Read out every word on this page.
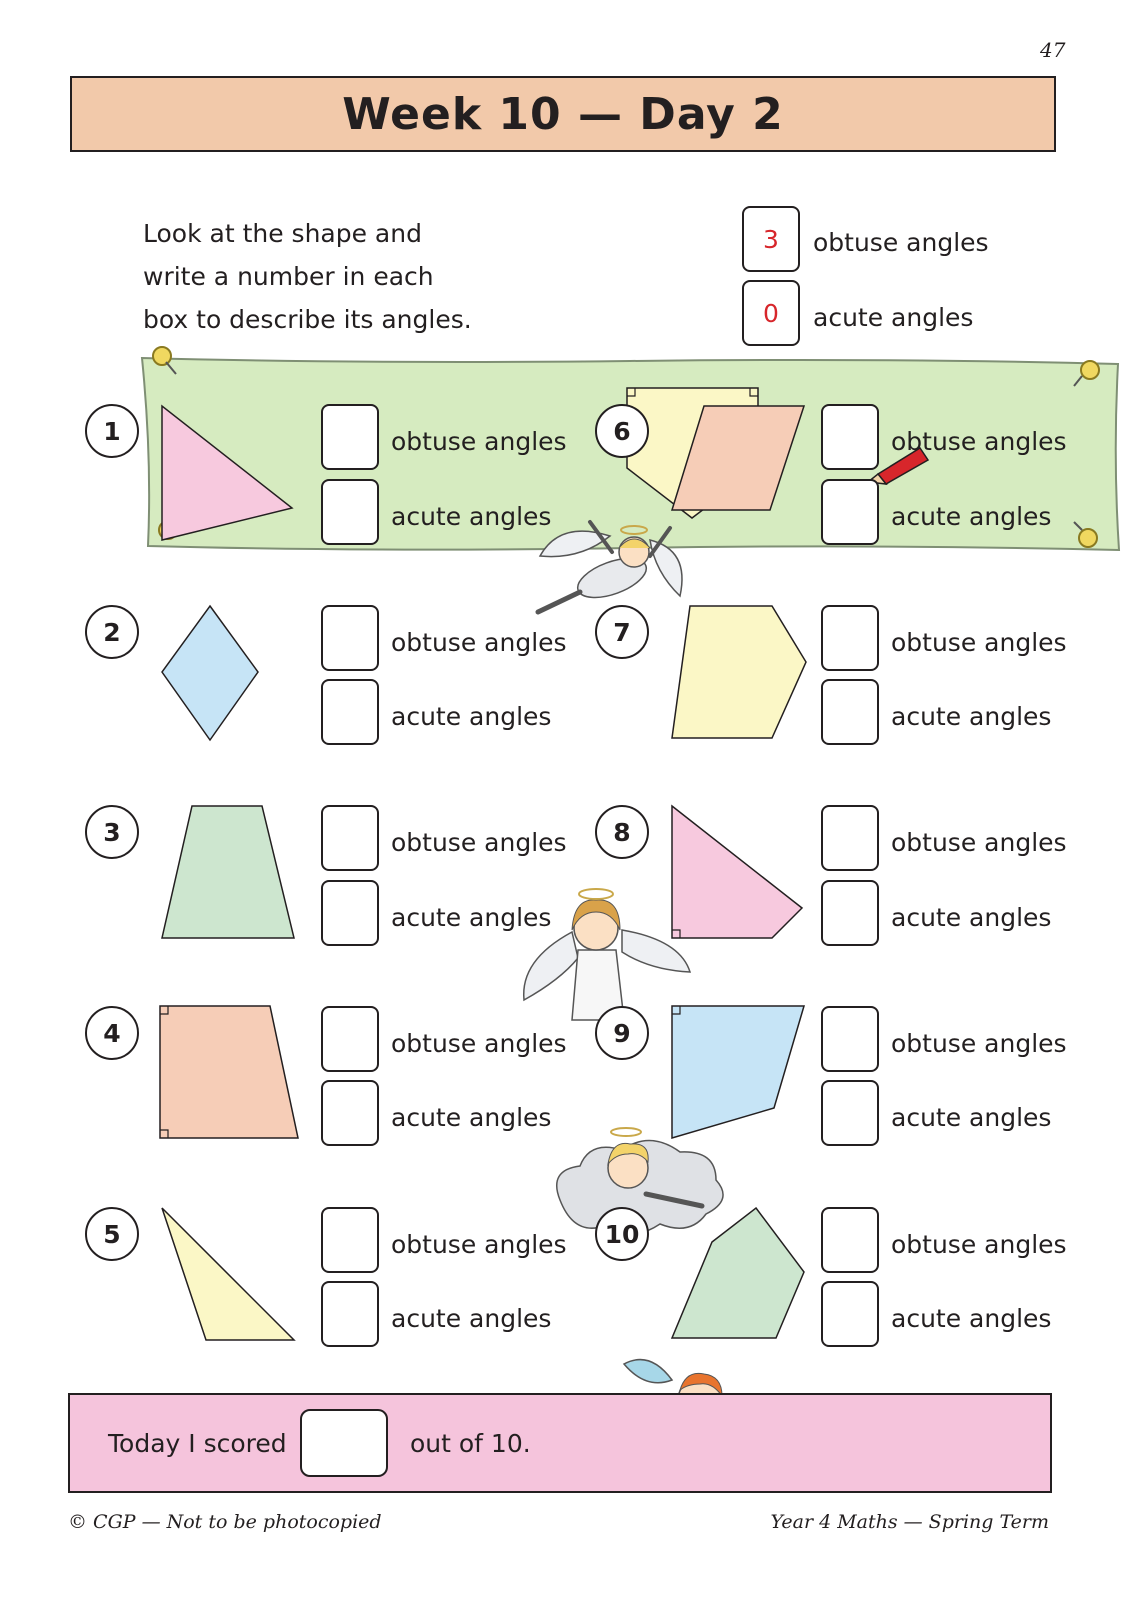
47
Week 10 — Day 2
Look at the shape and
write a number in each
box to describe its angles.
3	obtuse angles
0	acute angles
1
2
3
4
5
6
7
8
9
10
obtuse angles
acute angles
obtuse angles
acute angles
obtuse angles
acute angles
obtuse angles
acute angles
obtuse angles
acute angles
obtuse angles
acute angles
obtuse angles
acute angles
obtuse angles
acute angles
obtuse angles
acute angles
obtuse angles
acute angles
Today I scored	out of 10.
© CGP — Not to be photocopied	Year 4 Maths — Spring Term
